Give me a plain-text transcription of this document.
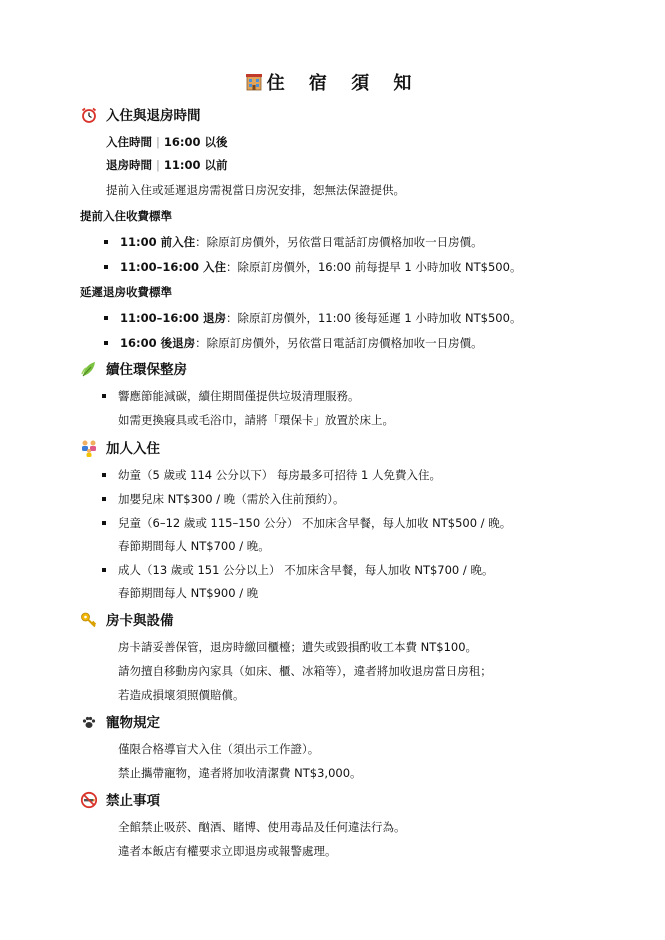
住 宿 須 知
入住與退房時間
入住時間 | 16:00 以後
退房時間 | 11:00 以前
提前入住或延遲退房需視當日房況安排，恕無法保證提供。
提前入住收費標準
11:00 前入住：除原訂房價外，另依當日電話訂房價格加收一日房價。
11:00–16:00 入住：除原訂房價外，16:00 前每提早 1 小時加收 NT$500。
延遲退房收費標準
11:00–16:00 退房：除原訂房價外，11:00 後每延遲 1 小時加收 NT$500。
16:00 後退房：除原訂房價外，另依當日電話訂房價格加收一日房價。
續住環保整房
響應節能減碳，續住期間僅提供垃圾清理服務。
如需更換寢具或毛浴巾，請將「環保卡」放置於床上。
加人入住
幼童（5 歲或 114 公分以下） 每房最多可招待 1 人免費入住。
加嬰兒床 NT$300 / 晚（需於入住前預約）。
兒童（6–12 歲或 115–150 公分） 不加床含早餐，每人加收 NT$500 / 晚。
春節期間每人 NT$700 / 晚。
成人（13 歲或 151 公分以上） 不加床含早餐，每人加收 NT$700 / 晚。
春節期間每人 NT$900 / 晚
房卡與設備
房卡請妥善保管，退房時繳回櫃檯；遺失或毀損酌收工本費 NT$100。
請勿擅自移動房內家具（如床、櫃、冰箱等），違者將加收退房當日房租；
若造成損壞須照價賠償。
寵物規定
僅限合格導盲犬入住（須出示工作證）。
禁止攜帶寵物，違者將加收清潔費 NT$3,000。
禁止事項
全館禁止吸菸、酗酒、賭博、使用毒品及任何違法行為。
違者本飯店有權要求立即退房或報警處理。
